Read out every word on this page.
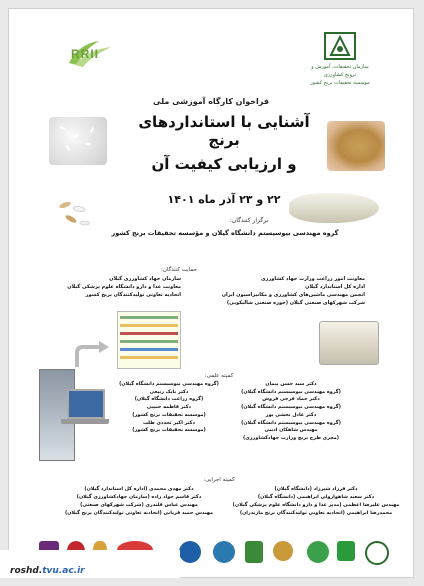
RRII
سازمان تحقیقات، آموزش و ترویج کشاورزی
موسسه تحقیقات برنج کشور
فراخوان کارگاه آموزشی ملی
آشنایی با استانداردهای برنج
و ارزیابی کیفیت آن
۲۲ و ۲۳ آذر ماه ۱۴۰۱
برگزار کنندگان:
گروه مهندسی بیوسیستم دانشگاه گیلان و مؤسسه تحقیقات برنج کشور
حمایت کنندگان:
معاونت امور زراعت وزارت جهاد کشاورزی
اداره کل استاندارد گیلان
انجمن مهندسی ماشین‌های کشاورزی و مکانیزاسیون ایران
شرکت شهرکهای صنعتی گیلان (حوزه صنعتی شالیکوبی)
سازمان جهاد کشاورزی گیلان
معاونت غذا و دارو دانشگاه علوم پزشکی گیلان
اتحادیه تعاونی تولیدکنندگان برنج کشور
کمیته علمی:
دکتر سید حسن پیمان
(گروه مهندسی بیوسیستم دانشگاه گیلان)
دکتر حماد فرجی فروش
(گروه مهندسی بیوسیستم دانشگاه گیلان)
دکتر عادل بخشی پور
(گروه مهندسی بیوسیستم دانشگاه گیلان)
مهندس شاهکان ادیبی
(مجری طرح برنج وزارت جهادکشاورزی)
(گروه مهندسی بیوسیستم دانشگاه گیلان)
دکتر بابک ربیعی
(گروه زراعت دانشگاه گیلان)
دکتر فاطمه حبیبی
(موسسه تحقیقات برنج کشور)
دکتر اکبر تجددی طلب
(موسسه تحقیقات برنج کشور)
کمیته اجرایی:
دکتر فرزاد شیرزاد (دانشگاه گیلان)
دکتر سعید شاهوارولی ابراهیمی (دانشگاه گیلان)
مهندس علیرضا اعظمی (مدیر غذا و دارو دانشگاه علوم پزشکی گیلان)
محمدرضا ابراهیمی (اتحادیه تعاونی تولید‌کنندگان برنج مازندران)
دکتر مهدی محمدی (اداره کل استاندارد گیلان)
دکتر قاسم جواد زاده (سازمان جهادکشاورزی گیلان)
مهندس عباس قلندری (شرکت شهرکهای صنعتی)
مهندس حمید قربانی (اتحادیه تعاونی تولیدکنندگان برنج گیلان)
roshd.tvu.ac.ir
